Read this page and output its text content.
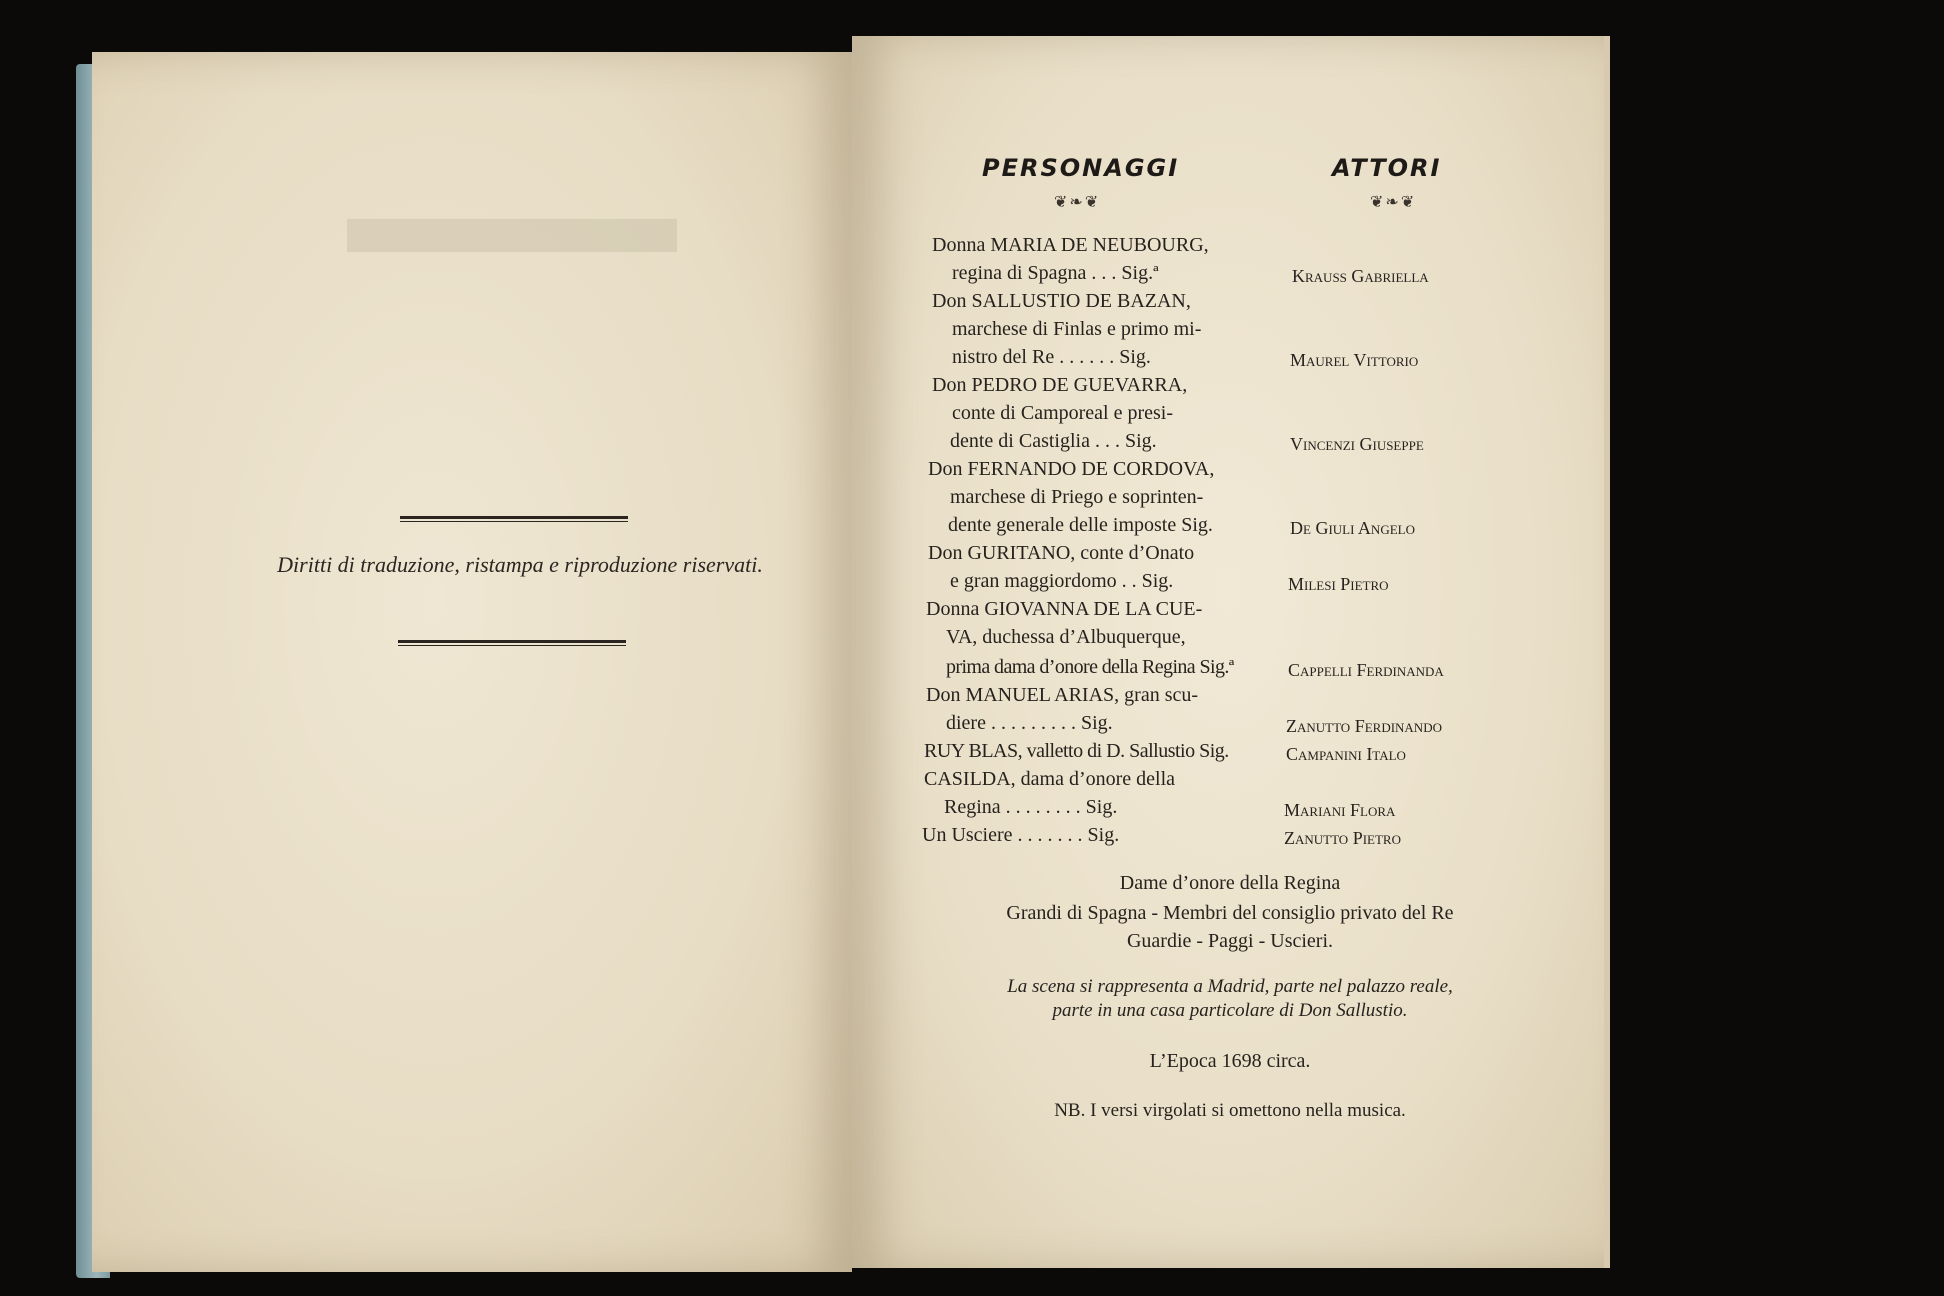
▬▬▬
Diritti di traduzione, ristampa e riproduzione riservati.
PERSONAGGI	ATTORI
❦❧❦	❦❧❦
Donna MARIA DE NEUBOURG,
regina di Spagna . . . Sig.ª
Don SALLUSTIO DE BAZAN,
marchese di Finlas e primo mi-
nistro del Re . . . . . . Sig.
Don PEDRO DE GUEVARRA,
conte di Camporeal e presi-
dente di Castiglia . . . Sig.
Don FERNANDO DE CORDOVA,
marchese di Priego e soprinten-
dente generale delle imposte Sig.
Don GURITANO, conte d’Onato
e gran maggiordomo . . Sig.
Donna GIOVANNA DE LA CUE-
VA, duchessa d’Albuquerque,
prima dama d’onore della Regina Sig.ª
Don MANUEL ARIAS, gran scu-
diere . . . . . . . . . Sig.
RUY BLAS, valletto di D. Sallustio Sig.
CASILDA, dama d’onore della
Regina . . . . . . . . Sig.
Un Usciere . . . . . . . Sig.
Krauss Gabriella
Maurel Vittorio
Vincenzi Giuseppe
De Giuli Angelo
Milesi Pietro
Cappelli Ferdinanda
Zanutto Ferdinando
Campanini Italo
Mariani Flora
Zanutto Pietro
Dame d’onore della Regina
Grandi di Spagna - Membri del consiglio privato del Re
Guardie - Paggi - Uscieri.
La scena si rappresenta a Madrid, parte nel palazzo reale,
parte in una casa particolare di Don Sallustio.
L’Epoca 1698 circa.
NB. I versi virgolati si omettono nella musica.
